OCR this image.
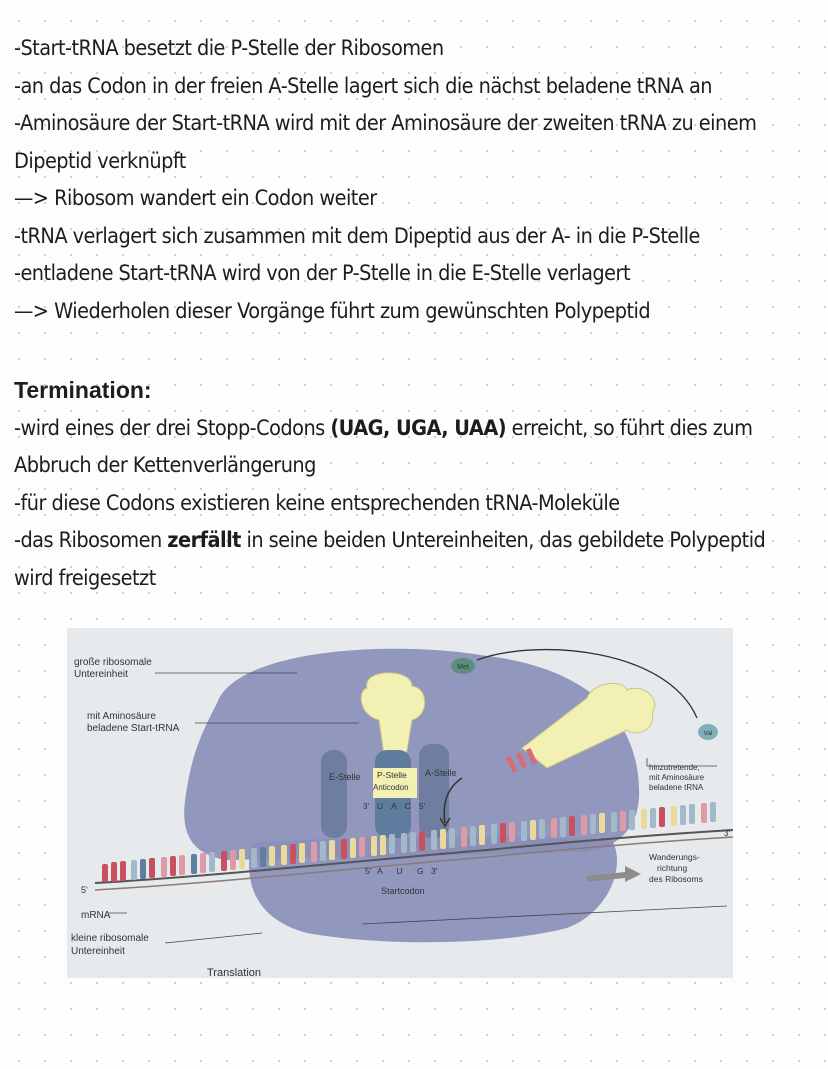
-Start-tRNA besetzt die P-Stelle der Ribosomen
-an das Codon in der freien A-Stelle lagert sich die nächst beladene tRNA an
-Aminosäure der Start-tRNA wird mit der Aminosäure der zweiten tRNA zu einem
Dipeptid verknüpft
—> Ribosom wandert ein Codon weiter
-tRNA verlagert sich zusammen mit dem Dipeptid aus der A- in die P-Stelle
-entladene Start-tRNA wird von der P-Stelle in die E-Stelle verlagert
—> Wiederholen dieser Vorgänge führt zum gewünschten Polypeptid
Termination:
-wird eines der drei Stopp-Codons (UAG, UGA, UAA) erreicht, so führt dies zum
Abbruch der Kettenverlängerung
-für diese Codons existieren keine entsprechenden tRNA-Moleküle
-das Ribosomen zerfällt in seine beiden Untereinheiten, das gebildete Polypeptid
wird freigesetzt
Met
Val
E-Stelle P-Stelle
Anticodon
A-Stelle
3' U A C 5'
3'
5' A U G 3'
Startcodon
große ribosomale
Untereinheit
mit Aminosäure
beladene Start-tRNA
hinzutretende,
mit Aminosäure
beladene tRNA
Wanderungs-
richtung
des Ribosoms
5'
mRNA
kleine ribosomale
Untereinheit
Translation
